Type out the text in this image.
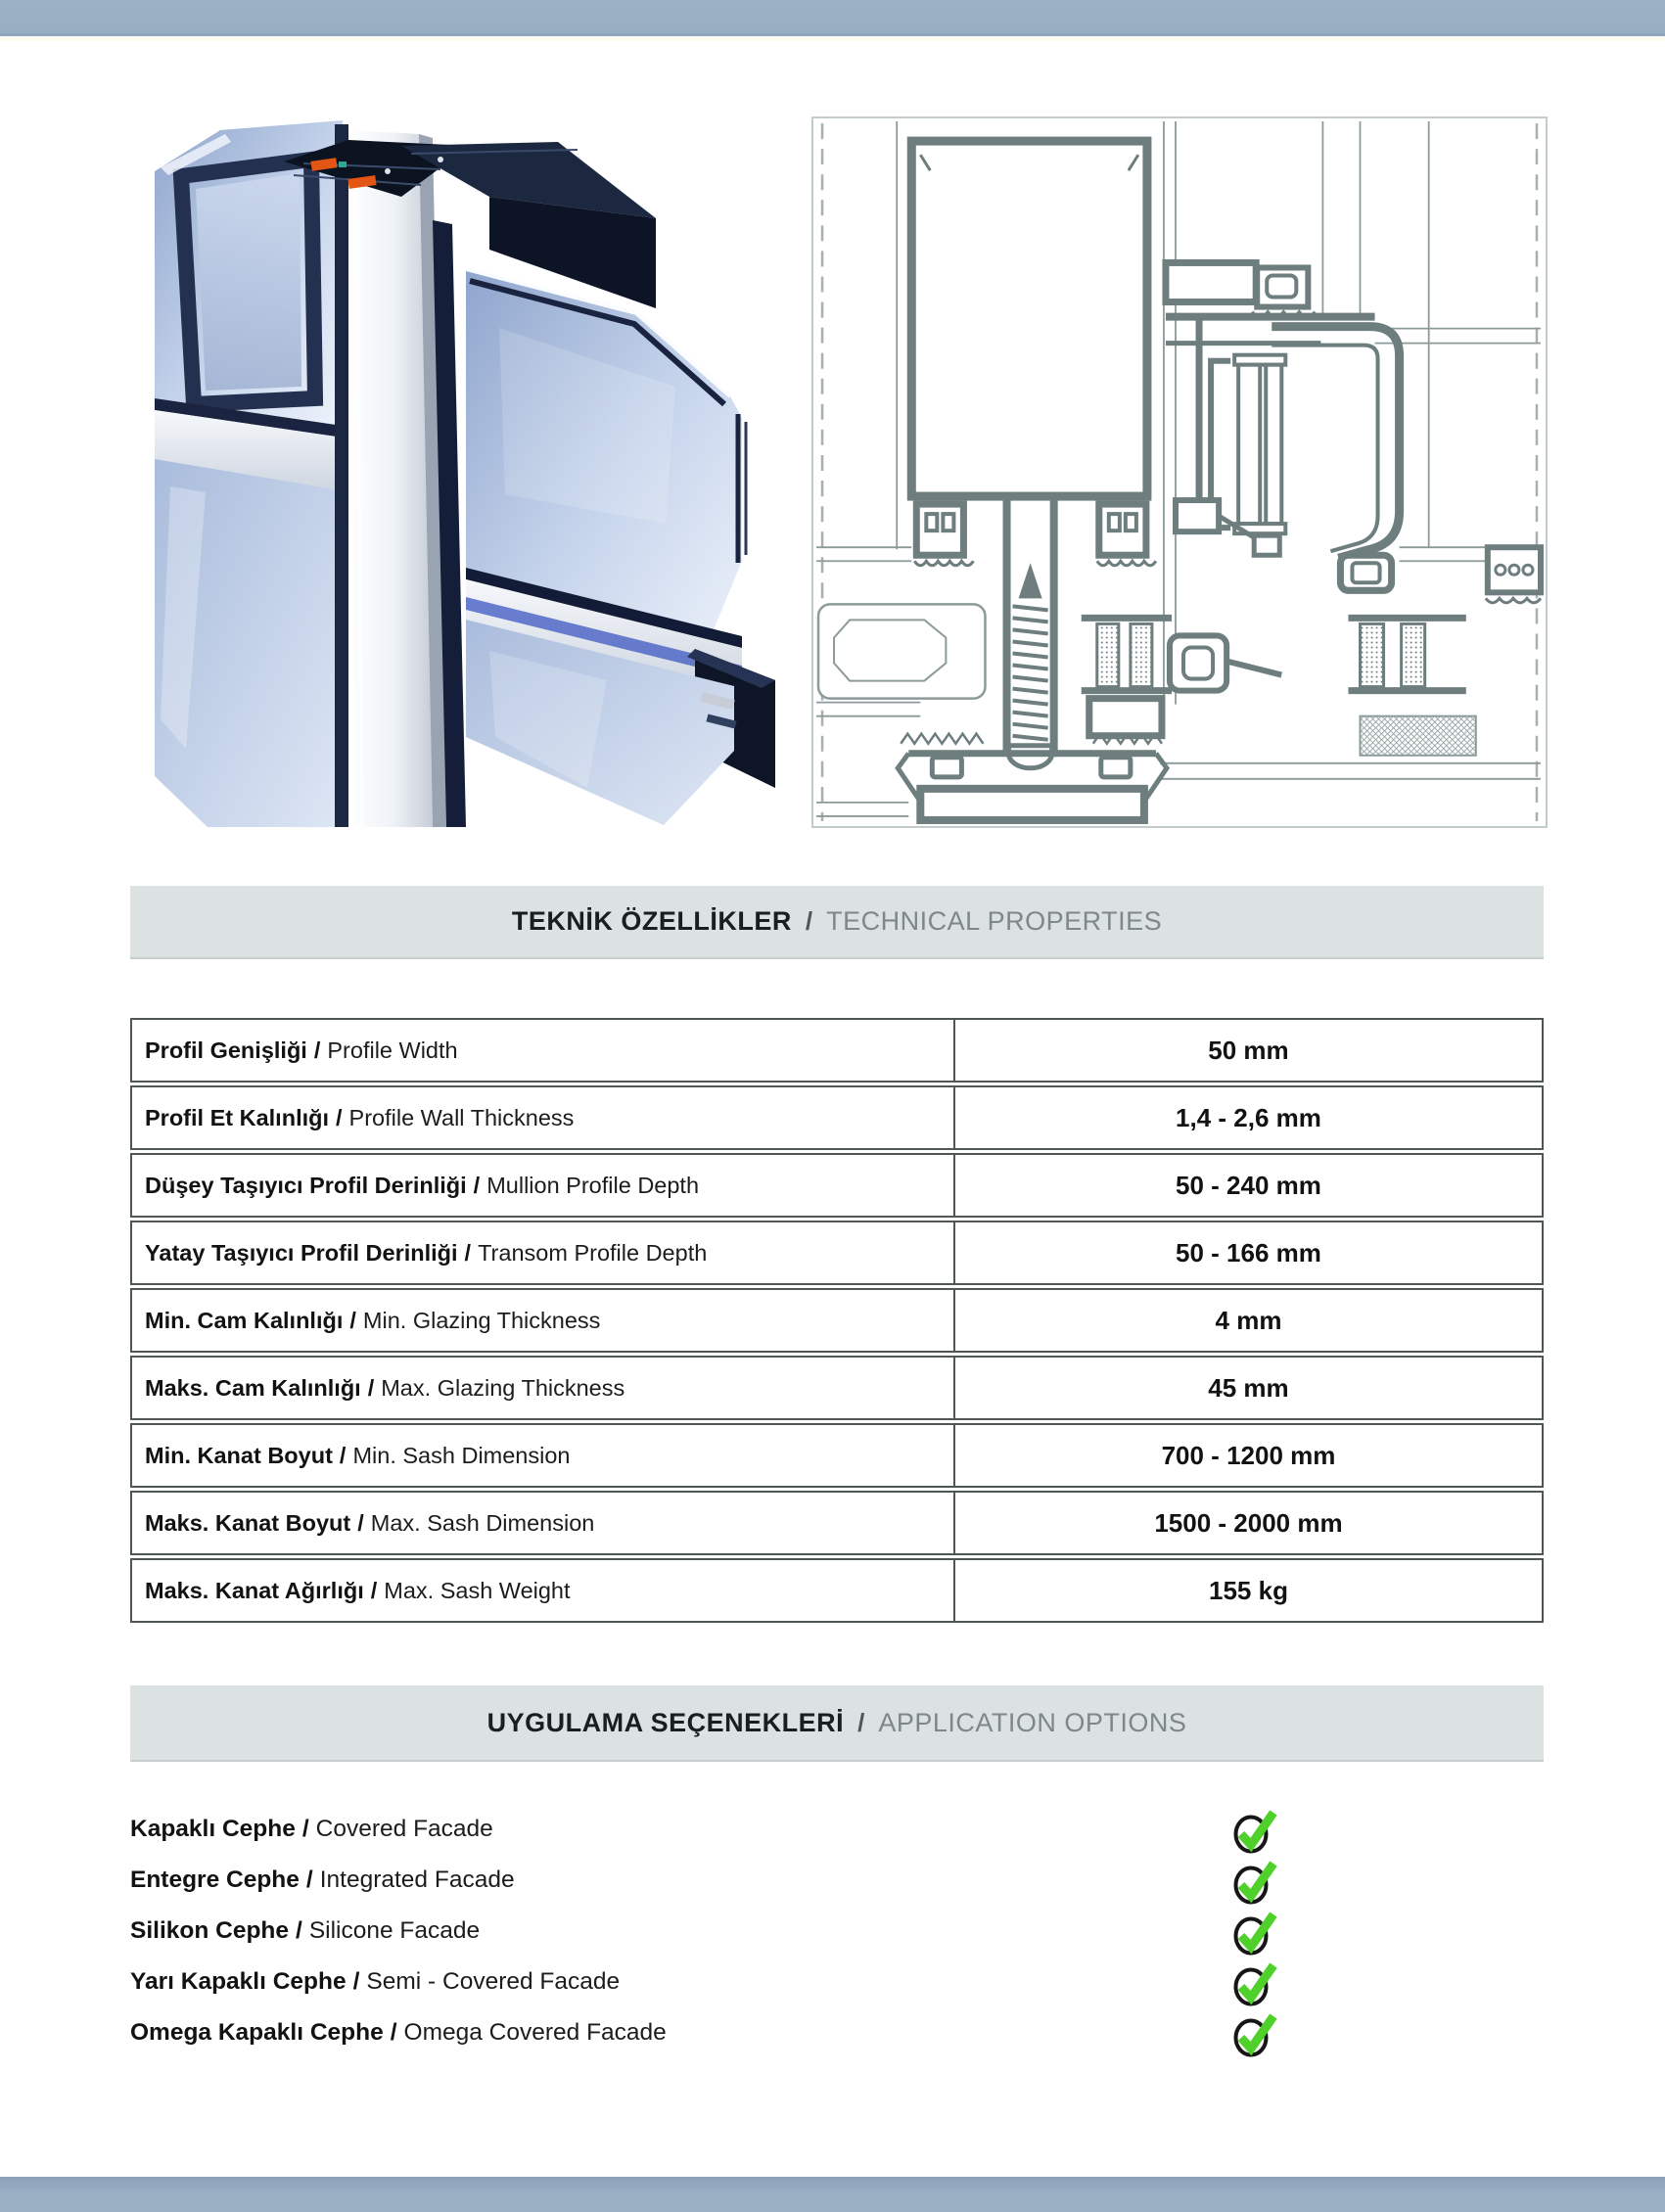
TEKNİK ÖZELLİKLER / TECHNICAL PROPERTIES
Profil Genişliği / Profile Width	50 mm
Profil Et Kalınlığı / Profile Wall Thickness	1,4 - 2,6 mm
Düşey Taşıyıcı Profil Derinliği / Mullion Profile Depth	50 - 240 mm
Yatay Taşıyıcı Profil Derinliği / Transom Profile Depth	50 - 166 mm
Min. Cam Kalınlığı / Min. Glazing Thickness	4 mm
Maks. Cam Kalınlığı / Max. Glazing Thickness	45 mm
Min. Kanat Boyut / Min. Sash Dimension	700 - 1200 mm
Maks. Kanat Boyut / Max. Sash Dimension	1500 - 2000 mm
Maks. Kanat Ağırlığı / Max. Sash Weight	155 kg
UYGULAMA SEÇENEKLERİ / APPLICATION OPTIONS
Kapaklı Cephe / Covered Facade
Entegre Cephe / Integrated Facade
Silikon Cephe / Silicone Facade
Yarı Kapaklı Cephe / Semi - Covered Facade
Omega Kapaklı Cephe / Omega Covered Facade
